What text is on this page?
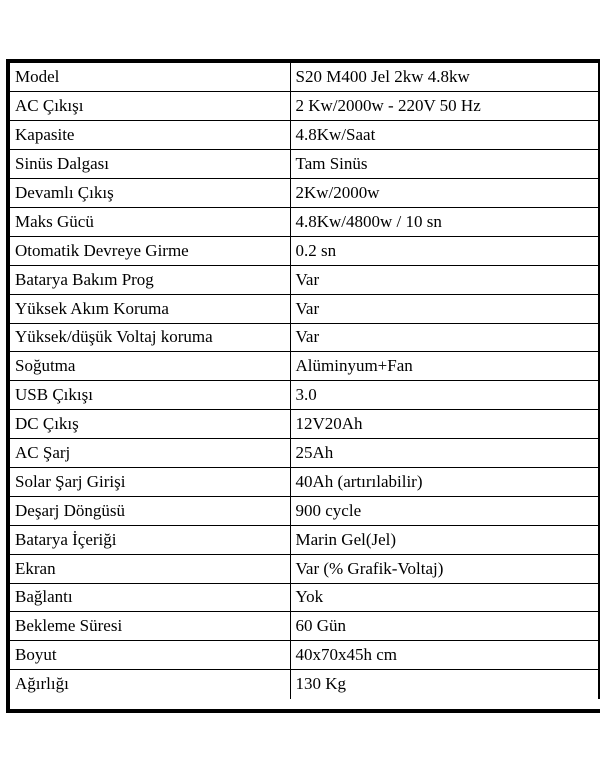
Model	S20 M400 Jel 2kw 4.8kw	
AC Çıkışı	2 Kw/2000w - 220V 50 Hz	
Kapasite	4.8Kw/Saat	
Sinüs Dalgası	Tam Sinüs	
Devamlı Çıkış	2Kw/2000w	
Maks Gücü	4.8Kw/4800w / 10 sn	
Otomatik Devreye Girme	0.2 sn	
Batarya Bakım Prog	Var	
Yüksek Akım Koruma	Var	
Yüksek/düşük Voltaj koruma	Var	
Soğutma	Alüminyum+Fan	
USB Çıkışı	3.0	
DC Çıkış	12V20Ah	
AC Şarj	25Ah	
Solar Şarj Girişi	40Ah (artırılabilir)	
Deşarj Döngüsü	900 cycle	
Batarya İçeriği	Marin Gel(Jel)	
Ekran	Var (% Grafik-Voltaj)	
Bağlantı	Yok	
Bekleme Süresi	60 Gün	
Boyut	40x70x45h cm	
Ağırlığı	130 Kg	
